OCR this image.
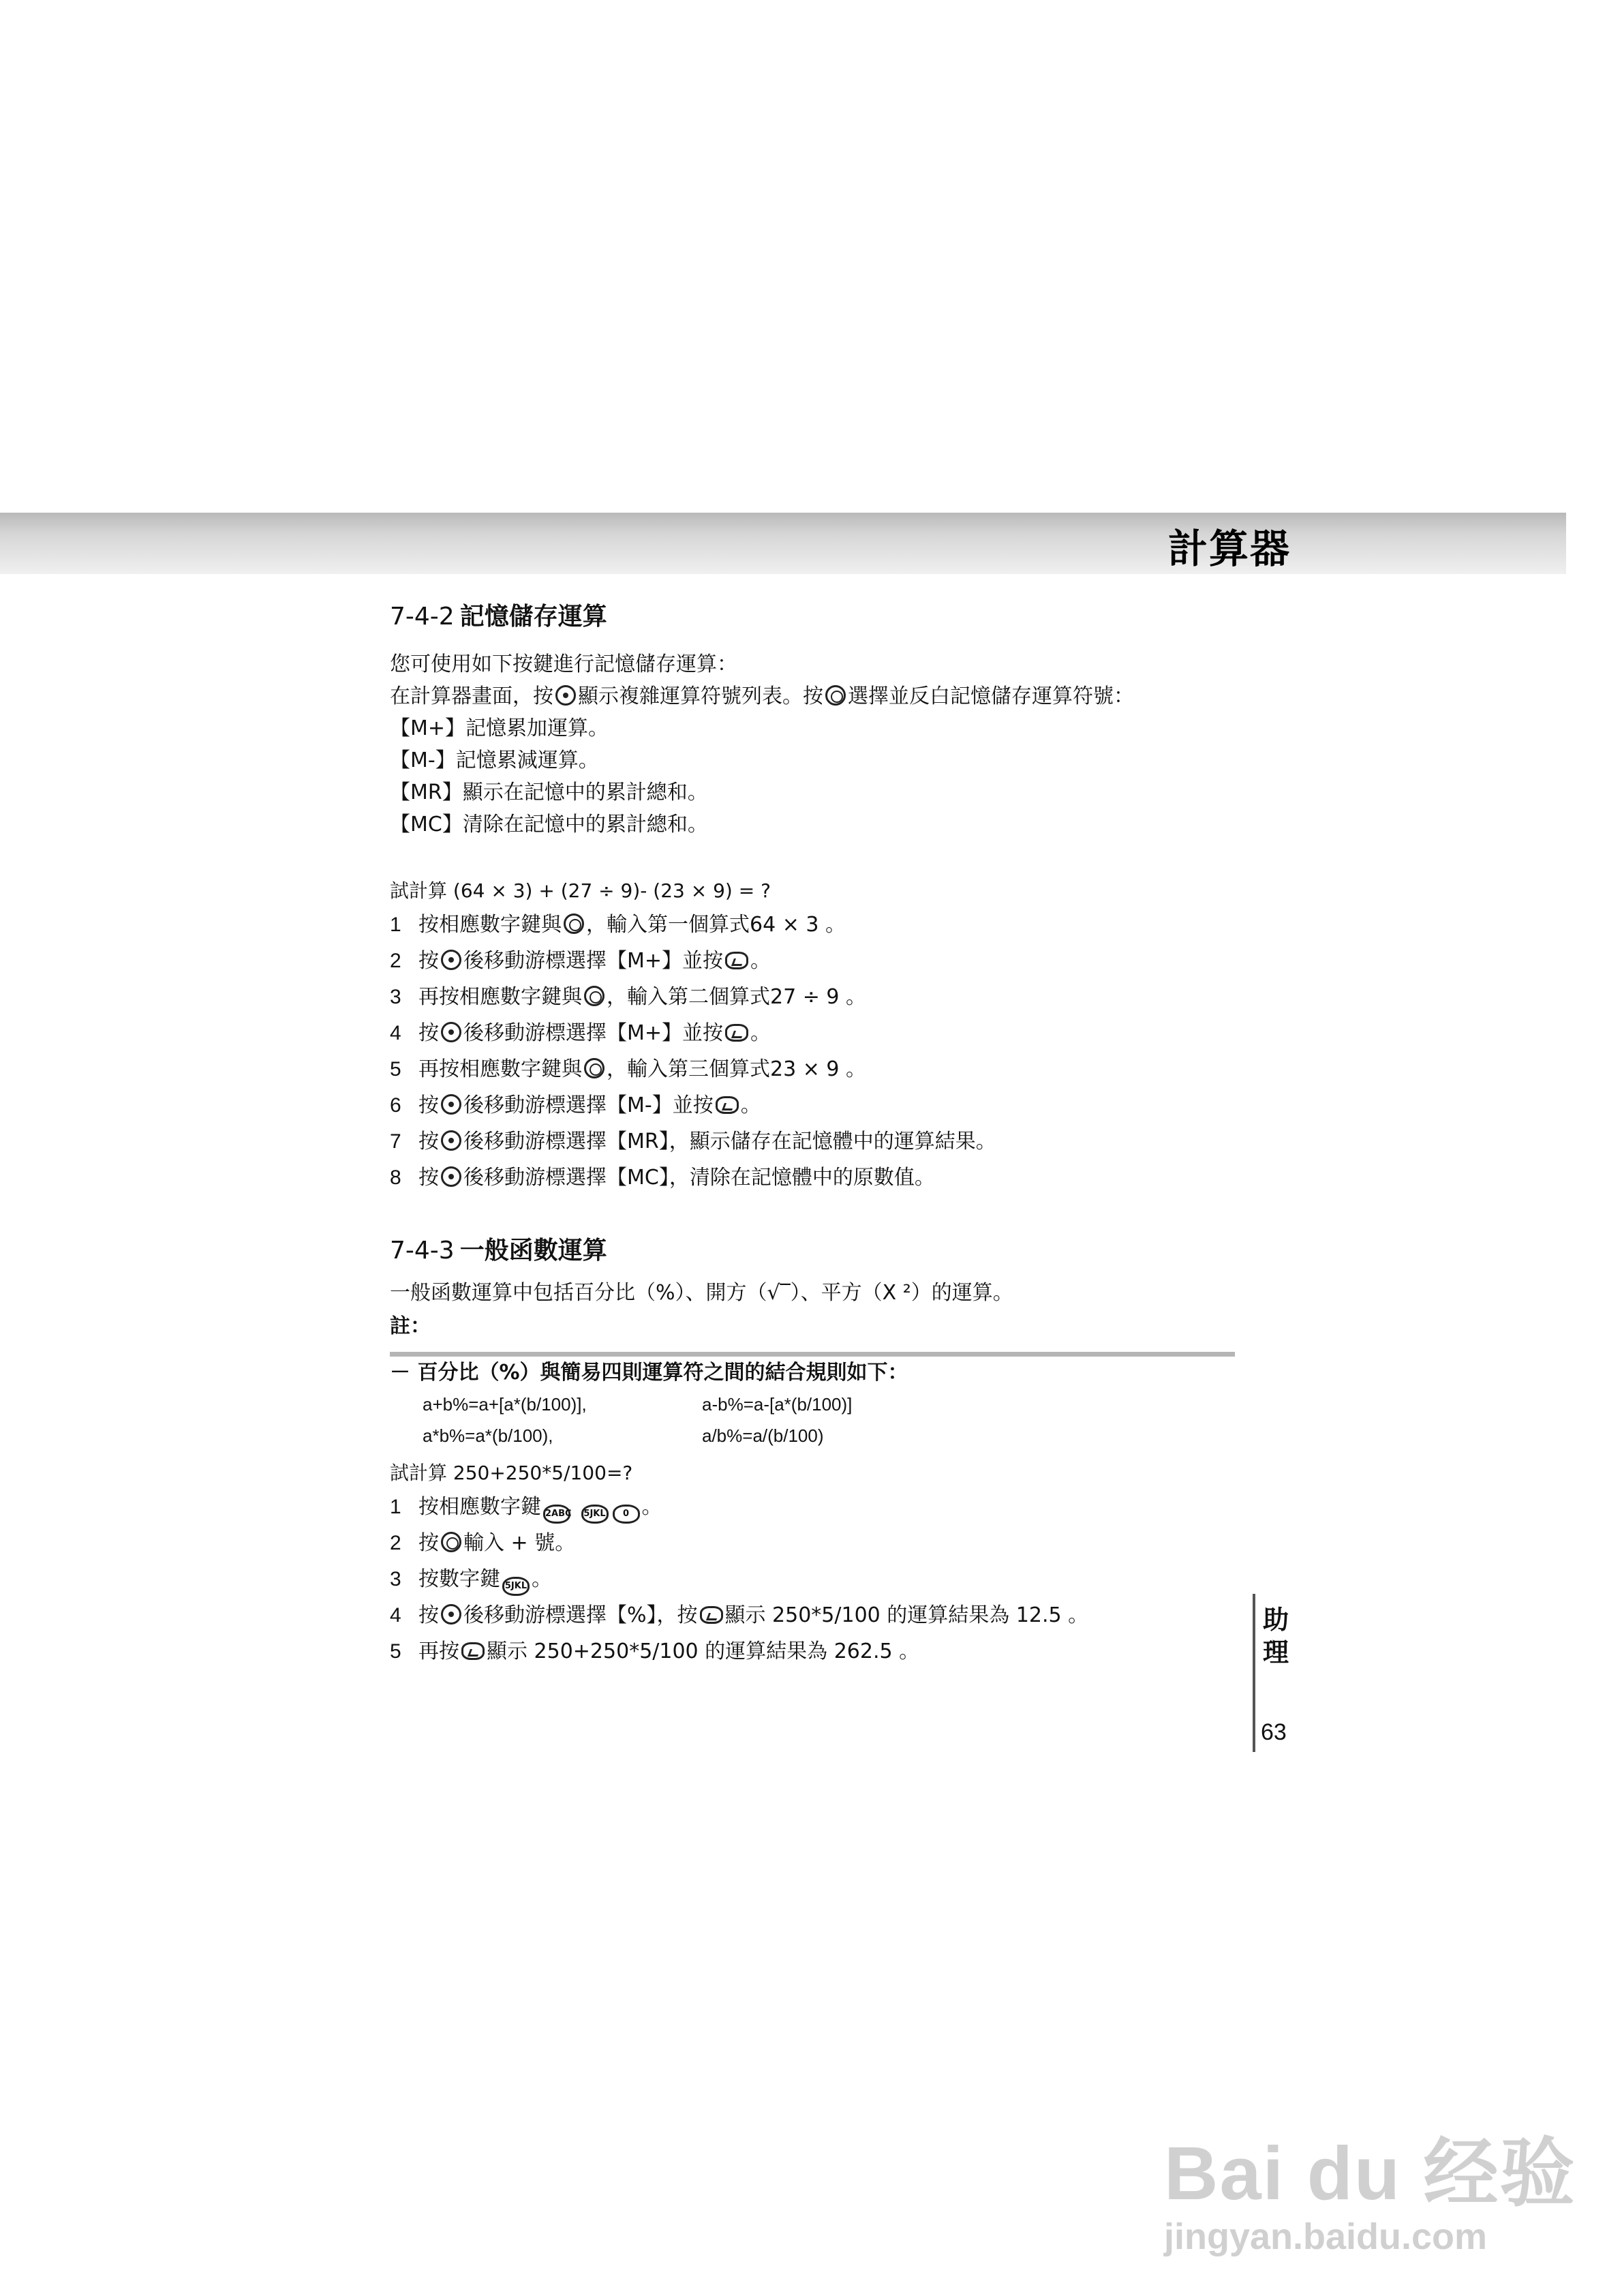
計算器

7-4-2 記憶儲存運算

您可使用如下按鍵進行記憶儲存運算：

在計算器畫面，按 顯示複雜運算符號列表。按 選擇並反白記憶儲存運算符號：

【M+】記憶累加運算。

【M-】記憶累減運算。

【MR】顯示在記憶中的累計總和。

【MC】清除在記憶中的累計總和。

試計算 (64 × 3) + (27 ÷ 9)- (23 × 9) = ?

1 按相應數字鍵與 ，輸入第一個算式64 × 3 。
2 按 後移動游標選擇【M+】並按 。
3 再按相應數字鍵與 ，輸入第二個算式27 ÷ 9 。
4 按 後移動游標選擇【M+】並按 。
5 再按相應數字鍵與 ，輸入第三個算式23 × 9 。
6 按 後移動游標選擇【M-】並按 。
7 按 後移動游標選擇【MR】，顯示儲存在記憶體中的運算結果。
8 按 後移動游標選擇【MC】，清除在記憶體中的原數值。

7-4-3 一般函數運算

一般函數運算中包括百分比（%）、開方（√‾）、平方（X ²）的運算。

註：

－ 百分比（%）與簡易四則運算符之間的結合規則如下：

a+b%=a+[a*(b/100)],	a-b%=a-[a*(b/100)]
a*b%=a*(b/100),	a/b%=a/(b/100)

試計算 250+250*5/100=?

1 按相應數字鍵 2ABC 5JKL 0 。
2 按 輸入 + 號。
3 按數字鍵 5JKL 。
4 按 後移動游標選擇【%】，按 顯示 250*5/100 的運算結果為 12.5 。
5 再按 顯示 250+250*5/100 的運算結果為 262.5 。
助
理
63
Bai du 经验
jingyan.baidu.com
